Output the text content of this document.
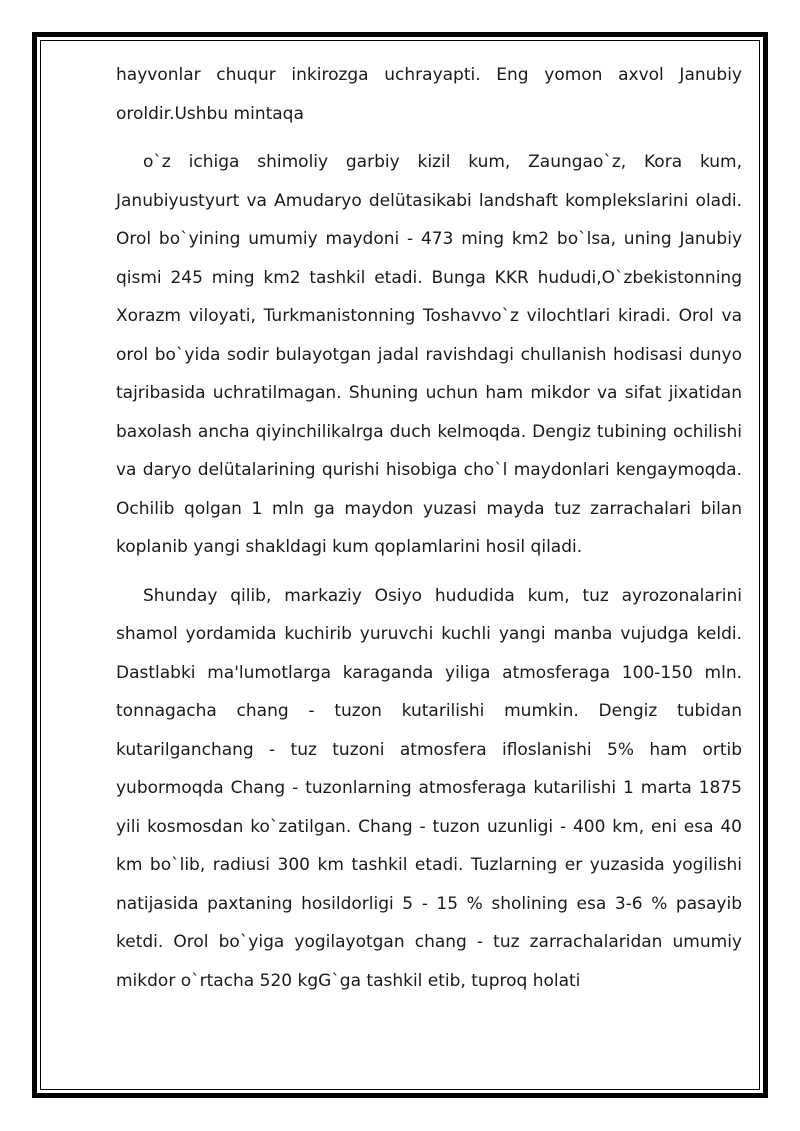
hayvonlar chuqur inkirozga uchrayapti. Eng yomon axvol Janubiy oroldir.Ushbu mintaqa

o`z ichiga shimoliy garbiy kizil kum, Zaungao`z, Kora kum, Janubiyustyurt va Amudaryo delütasikabi landshaft komplekslarini oladi. Orol bo`yining umumiy maydoni - 473 ming km2 bo`lsa, uning Janubiy qismi 245 ming km2 tashkil etadi. Bunga KKR hududi,O`zbekistonning Xorazm viloyati, Turkmanistonning Toshavvo`z vilochtlari kiradi. Orol va orol bo`yida sodir bulayotgan jadal ravishdagi chullanish hodisasi dunyo tajribasida uchratilmagan. Shuning uchun ham mikdor va sifat jixatidan baxolash ancha qiyinchilikalrga duch kelmoqda. Dengiz tubining ochilishi va daryo delütalarining qurishi hisobiga cho`l maydonlari kengaymoqda. Ochilib qolgan 1 mln ga maydon yuzasi mayda tuz zarrachalari bilan koplanib yangi shakldagi kum qoplamlarini hosil qiladi.

Shunday qilib, markaziy Osiyo hududida kum, tuz ayrozonalarini shamol yordamida kuchirib yuruvchi kuchli yangi manba vujudga keldi. Dastlabki ma'lumotlarga karaganda yiliga atmosferaga 100-150 mln. tonnagacha chang - tuzon kutarilishi mumkin. Dengiz tubidan kutarilganchang - tuz tuzoni atmosfera ifloslanishi 5% ham ortib yubormoqda Chang - tuzonlarning atmosferaga kutarilishi 1 marta 1875 yili kosmosdan ko`zatilgan. Chang - tuzon uzunligi - 400 km, eni esa 40 km bo`lib, radiusi 300 km tashkil etadi. Tuzlarning er yuzasida yogilishi natijasida paxtaning hosildorligi 5 - 15 % sholining esa 3-6 % pasayib ketdi. Orol bo`yiga yogilayotgan chang - tuz zarrachalaridan umumiy mikdor o`rtacha 520 kgG`ga tashkil etib, tuproq holati
